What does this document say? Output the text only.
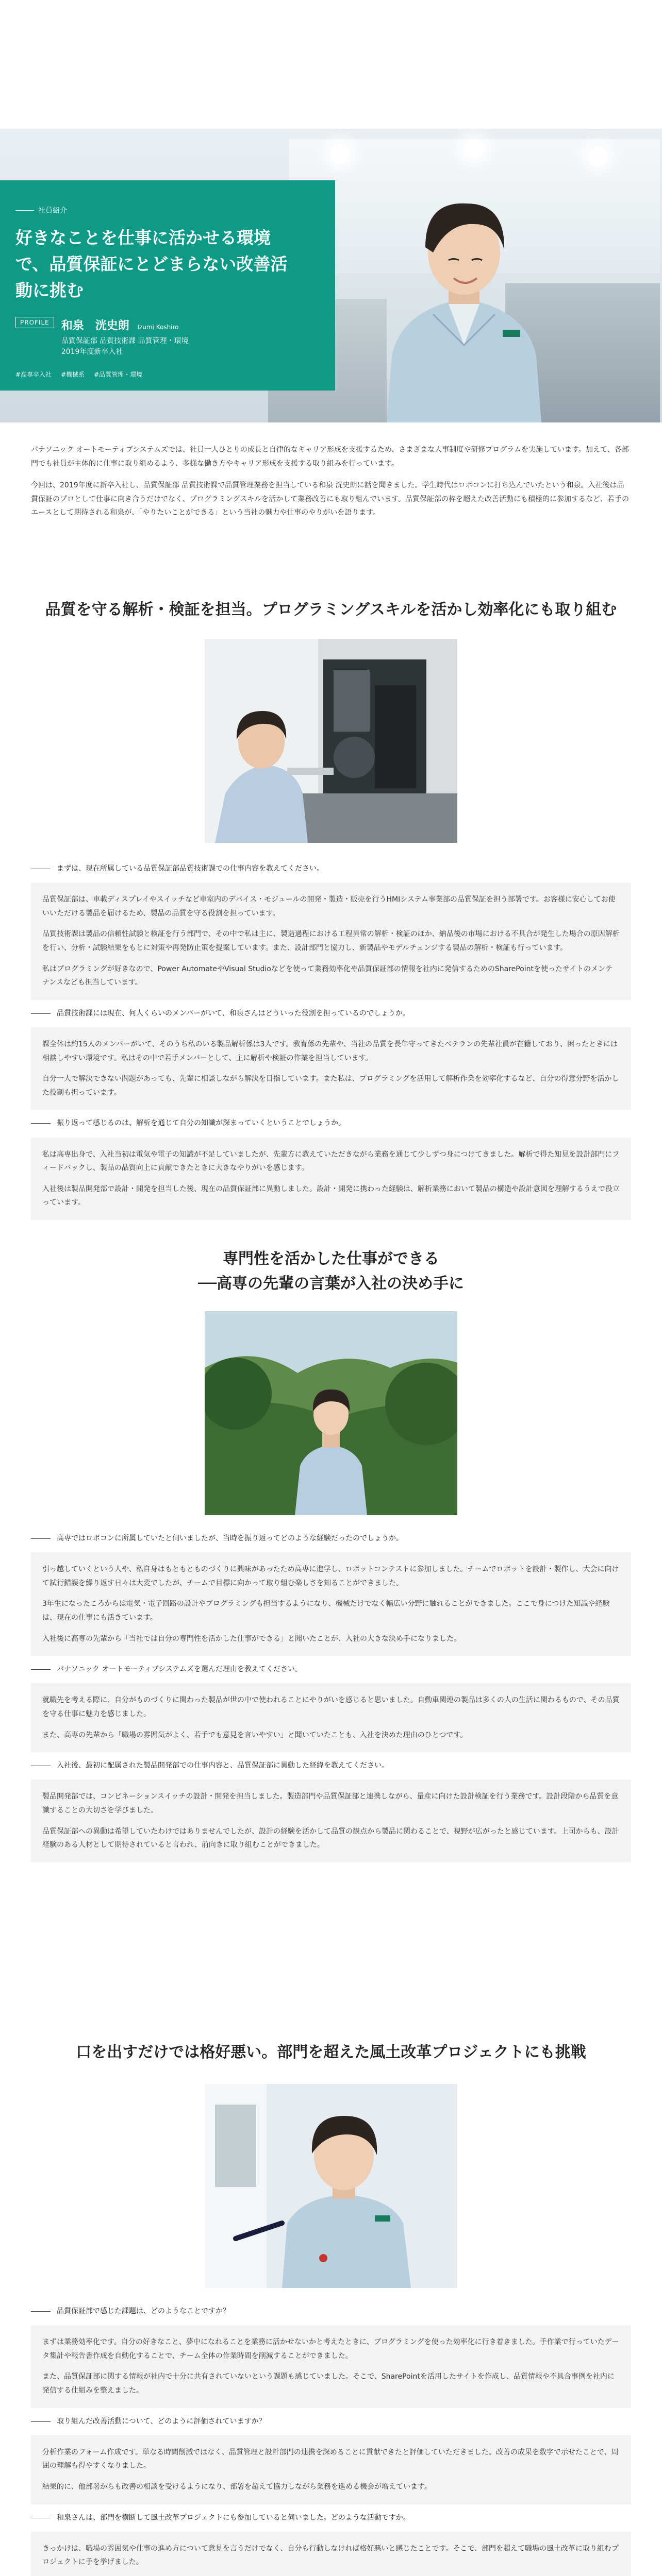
社員紹介
好きなことを仕事に活かせる環境
で、品質保証にとどまらない改善活
動に挑む
PROFILE	和泉　洸史朗 Izumi Koshiro
品質保証部 品質技術課 品質管理・環境
2019年度新卒入社
#高専卒入社 #機械系 #品質管理・環境

パナソニック オートモーティブシステムズでは、社員一人ひとりの成長と自律的なキャリア形成を支援するため、さまざまな人事制度や研修プログラムを実施しています。加えて、各部門でも社員が主体的に仕事に取り組めるよう、多様な働き方やキャリア形成を支援する取り組みを行っています。

今回は、2019年度に新卒入社し、品質保証部 品質技術課で品質管理業務を担当している和泉 洸史朗に話を聞きました。学生時代はロボコンに打ち込んでいたという和泉。入社後は品質保証のプロとして仕事に向き合うだけでなく、プログラミングスキルを活かして業務改善にも取り組んでいます。品質保証部の枠を超えた改善活動にも積極的に参加するなど、若手のエースとして期待される和泉が、「やりたいことができる」という当社の魅力や仕事のやりがいを語ります。

品質を守る解析・検証を担当。プログラミングスキルを活かし効率化にも取り組む
まずは、現在所属している品質保証部品質技術課での仕事内容を教えてください。

品質保証部は、車載ディスプレイやスイッチなど車室内のデバイス・モジュールの開発・製造・販売を行うHMIシステム事業部の品質保証を担う部署です。お客様に安心してお使いいただける製品を届けるため、製品の品質を守る役割を担っています。

品質技術課は製品の信頼性試験と検証を行う部門で、その中で私は主に、製造過程における工程異常の解析・検証のほか、納品後の市場における不具合が発生した場合の原因解析を行い、分析・試験結果をもとに対策や再発防止策を提案しています。また、設計部門と協力し、新製品やモデルチェンジする製品の解析・検証も行っています。

私はプログラミングが好きなので、Power AutomateやVisual Studioなどを使って業務効率化や品質保証部の情報を社内に発信するためのSharePointを使ったサイトのメンテナンスなども担当しています。

品質技術課には現在、何人くらいのメンバーがいて、和泉さんはどういった役割を担っているのでしょうか。

課全体は約15人のメンバーがいて、そのうち私のいる製品解析係は3人です。教育係の先輩や、当社の品質を長年守ってきたベテランの先輩社員が在籍しており、困ったときには相談しやすい環境です。私はその中で若手メンバーとして、主に解析や検証の作業を担当しています。

自分一人で解決できない問題があっても、先輩に相談しながら解決を目指しています。また私は、プログラミングを活用して解析作業を効率化するなど、自分の得意分野を活かした役割も担っています。

振り返って感じるのは、解析を通じて自分の知識が深まっていくということでしょうか。

私は高専出身で、入社当初は電気や電子の知識が不足していましたが、先輩方に教えていただきながら業務を通じて少しずつ身につけてきました。解析で得た知見を設計部門にフィードバックし、製品の品質向上に貢献できたときに大きなやりがいを感じます。

入社後は製品開発部で設計・開発を担当した後、現在の品質保証部に異動しました。設計・開発に携わった経験は、解析業務において製品の構造や設計意図を理解するうえで役立っています。

専門性を活かした仕事ができる
──高専の先輩の言葉が入社の決め手に
高専ではロボコンに所属していたと伺いましたが、当時を振り返ってどのような経験だったのでしょうか。

引っ越していくという人や、私自身はもともとものづくりに興味があったため高専に進学し、ロボットコンテストに参加しました。チームでロボットを設計・製作し、大会に向けて試行錯誤を繰り返す日々は大変でしたが、チームで目標に向かって取り組む楽しさを知ることができました。

3年生になったころからは電気・電子回路の設計やプログラミングも担当するようになり、機械だけでなく幅広い分野に触れることができました。ここで身につけた知識や経験は、現在の仕事にも活きています。

入社後に高専の先輩から「当社では自分の専門性を活かした仕事ができる」と聞いたことが、入社の大きな決め手になりました。

パナソニック オートモーティブシステムズを選んだ理由を教えてください。

就職先を考える際に、自分がものづくりに関わった製品が世の中で使われることにやりがいを感じると思いました。自動車関連の製品は多くの人の生活に関わるもので、その品質を守る仕事に魅力を感じました。

また、高専の先輩から「職場の雰囲気がよく、若手でも意見を言いやすい」と聞いていたことも、入社を決めた理由のひとつです。

入社後、最初に配属された製品開発部での仕事内容と、品質保証部に異動した経緯を教えてください。

製品開発部では、コンビネーションスイッチの設計・開発を担当しました。製造部門や品質保証部と連携しながら、量産に向けた設計検証を行う業務です。設計段階から品質を意識することの大切さを学びました。

品質保証部への異動は希望していたわけではありませんでしたが、設計の経験を活かして品質の観点から製品に関わることで、視野が広がったと感じています。上司からも、設計経験のある人材として期待されていると言われ、前向きに取り組むことができました。

口を出すだけでは格好悪い。部門を超えた風土改革プロジェクトにも挑戦
品質保証部で感じた課題は、どのようなことですか？

まずは業務効率化です。自分の好きなこと、夢中になれることを業務に活かせないかと考えたときに、プログラミングを使った効率化に行き着きました。手作業で行っていたデータ集計や報告書作成を自動化することで、チーム全体の作業時間を削減することができました。

また、品質保証部に関する情報が社内で十分に共有されていないという課題も感じていました。そこで、SharePointを活用したサイトを作成し、品質情報や不具合事例を社内に発信する仕組みを整えました。

取り組んだ改善活動について、どのように評価されていますか？

分析作業のフォーム作成です。単なる時間削減ではなく、品質管理と設計部門の連携を深めることに貢献できたと評価していただきました。改善の成果を数字で示せたことで、周囲の理解も得やすくなりました。

結果的に、他部署からも改善の相談を受けるようになり、部署を超えて協力しながら業務を進める機会が増えています。

和泉さんは、部門を横断して風土改革プロジェクトにも参加していると伺いました。どのような活動ですか。

きっかけは、職場の雰囲気や仕事の進め方について意見を言うだけでなく、自分も行動しなければ格好悪いと感じたことです。そこで、部門を超えて職場の風土改革に取り組むプロジェクトに手を挙げました。
